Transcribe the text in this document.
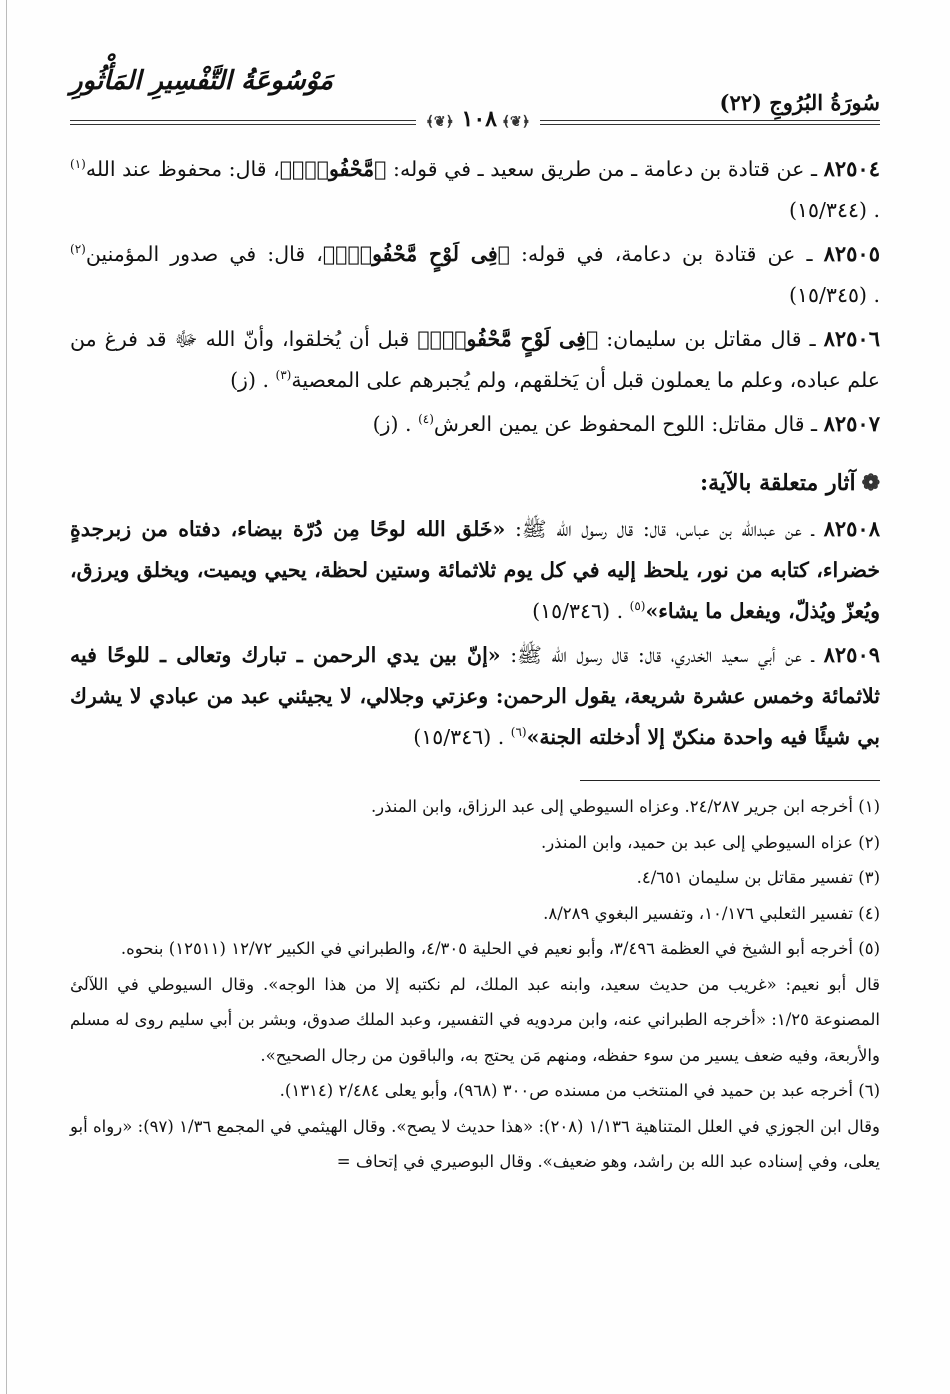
سُورَةُ البُرُوجِ (٢٢)
مَوْسُوعَةُ التَّفْسِيرِ المَأْثُورِ
﴿❦﴾ ١٠٨ ﴿❦﴾

٨٢٥٠٤ ـ عن قتادة بن دعامة ـ من طريق سعيد ـ في قوله: ﴿مَّحْفُوظِۭ﴾، قال: محفوظ عند الله$^{(١)}$ . (١٥/٣٤٤)

٨٢٥٠٥ ـ عن قتادة بن دعامة، في قوله: ﴿فِى لَوْحٍ مَّحْفُوظِۭ﴾، قال: في صدور المؤمنين$^{(٢)}$ . (١٥/٣٤٥)

٨٢٥٠٦ ـ قال مقاتل بن سليمان: ﴿فِى لَوْحٍ مَّحْفُوظِۭ﴾ قبل أن يُخلقوا، وأنّ الله ﷻ قد فرغ من علم عباده، وعلم ما يعملون قبل أن يَخلقهم، ولم يُجبرهم على المعصية$^{(٣)}$ . (ز)

٨٢٥٠٧ ـ قال مقاتل: اللوح المحفوظ عن يمين العرش$^{(٤)}$ . (ز)

❁آثار متعلقة بالآية:

٨٢٥٠٨ ـ عن عبدالله بن عباس، قال: قال رسول الله ﷺ: «خَلق الله لوحًا مِن دُرّة بيضاء، دفتاه من زبرجدةٍ خضراء، كتابه من نور، يلحظ إليه في كل يوم ثلاثمائة وستين لحظة، يحيي ويميت، ويخلق ويرزق، ويُعزّ ويُذلّ، ويفعل ما يشاء»$^{(٥)}$ . (١٥/٣٤٦)

٨٢٥٠٩ ـ عن أبي سعيد الخدري، قال: قال رسول الله ﷺ: «إنّ بين يدي الرحمن ـ تبارك وتعالى ـ للوحًا فيه ثلاثمائة وخمس عشرة شريعة، يقول الرحمن: وعزتي وجلالي، لا يجيئني عبد من عبادي لا يشرك بي شيئًا فيه واحدة منكنّ إلا أدخلته الجنة»$^{(٦)}$ . (١٥/٣٤٦)

(١) أخرجه ابن جرير ٢٤/٢٨٧. وعزاه السيوطي إلى عبد الرزاق، وابن المنذر.

(٢) عزاه السيوطي إلى عبد بن حميد، وابن المنذر.

(٣) تفسير مقاتل بن سليمان ٤/٦٥١.

(٤) تفسير الثعلبي ١٠/١٧٦، وتفسير البغوي ٨/٢٨٩.

(٥) أخرجه أبو الشيخ في العظمة ٣/٤٩٦، وأبو نعيم في الحلية ٤/٣٠٥، والطبراني في الكبير ١٢/٧٢ (١٢٥١١) بنحوه.

قال أبو نعيم: «غريب من حديث سعيد، وابنه عبد الملك، لم نكتبه إلا من هذا الوجه». وقال السيوطي في اللآلئ المصنوعة ١/٢٥: «أخرجه الطبراني عنه، وابن مردويه في التفسير، وعبد الملك صدوق، وبشر بن أبي سليم روى له مسلم والأربعة، وفيه ضعف يسير من سوء حفظه، ومنهم مَن يحتج به، والباقون من رجال الصحيح».

(٦) أخرجه عبد بن حميد في المنتخب من مسنده ص٣٠٠ (٩٦٨)، وأبو يعلى ٢/٤٨٤ (١٣١٤).

وقال ابن الجوزي في العلل المتناهية ١/١٣٦ (٢٠٨): «هذا حديث لا يصح». وقال الهيثمي في المجمع ١/٣٦ (٩٧): «رواه أبو يعلى، وفي إسناده عبد الله بن راشد، وهو ضعيف». وقال البوصيري في إتحاف =
